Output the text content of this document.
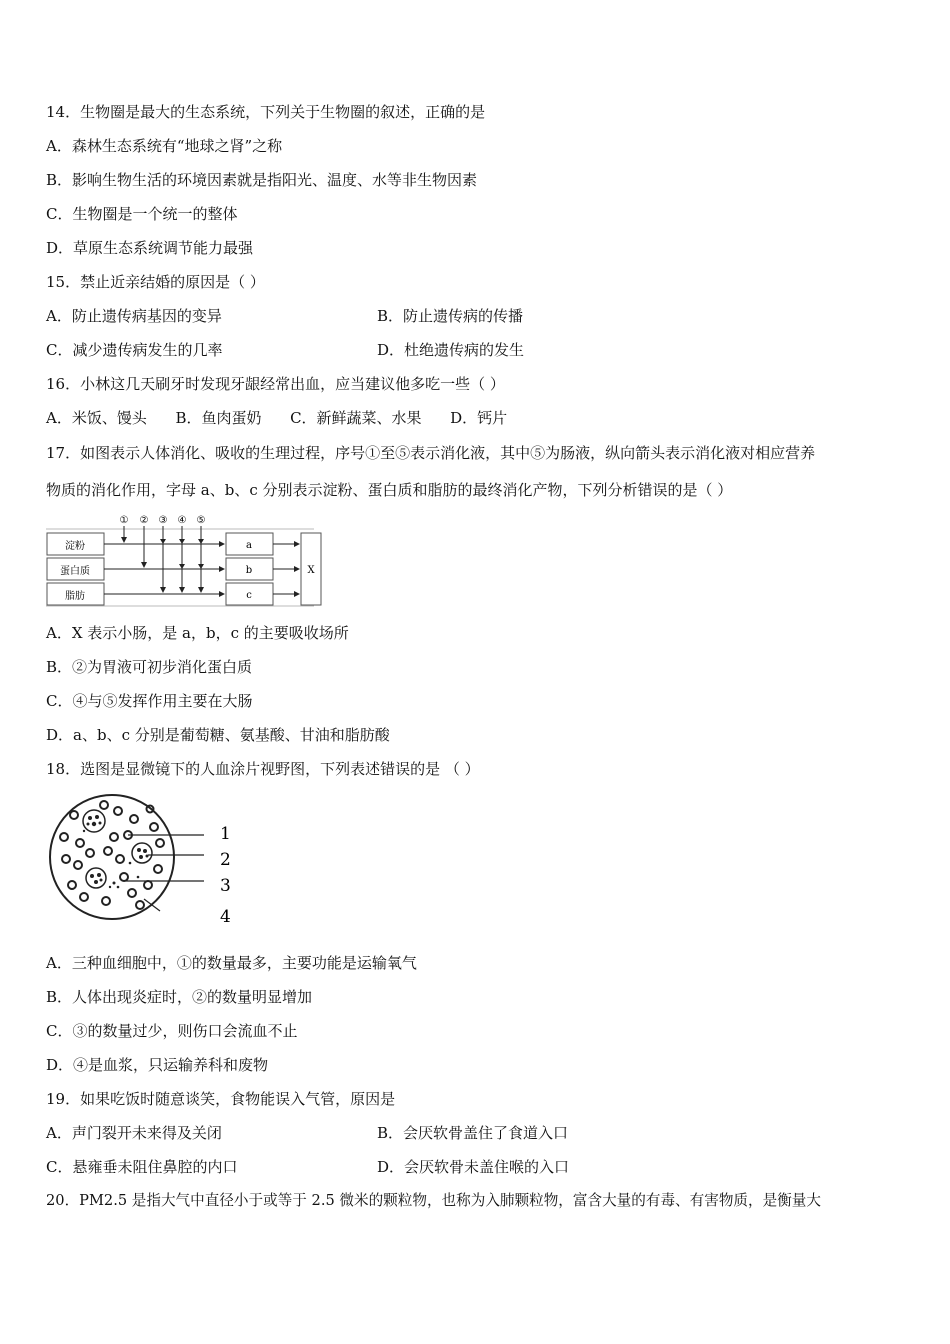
14．生物圈是最大的生态系统，下列关于生物圈的叙述，正确的是
A．森林生态系统有“地球之肾”之称
B．影响生物生活的环境因素就是指阳光、温度、水等非生物因素
C．生物圈是一个统一的整体
D．草原生态系统调节能力最强
15．禁止近亲结婚的原因是（ ）
A．防止遗传病基因的变异	B．防止遗传病的传播
C．减少遗传病发生的几率	D．杜绝遗传病的发生
16．小林这几天刷牙时发现牙龈经常出血，应当建议他多吃一些（ ）
A．米饭、馒头      B．鱼肉蛋奶      C．新鲜蔬菜、水果      D．钙片
17．如图表示人体消化、吸收的生理过程，序号①至⑤表示消化液，其中⑤为肠液，纵向箭头表示消化液对相应营养
物质的消化作用，字母 a、b、c 分别表示淀粉、蛋白质和脂肪的最终消化产物，下列分析错误的是（ ）
淀粉
蛋白质
脂肪
a
b
c
X
① ② ③ ④ ⑤
A．X 表示小肠，是 a，b，c 的主要吸收场所
B．②为胃液可初步消化蛋白质
C．④与⑤发挥作用主要在大肠
D．a、b、c 分别是葡萄糖、氨基酸、甘油和脂肪酸
18．选图是显微镜下的人血涂片视野图，下列表述错误的是 （ ）
1
2
3
4
A．三种血细胞中，①的数量最多，主要功能是运输氧气
B．人体出现炎症时，②的数量明显增加
C．③的数量过少，则伤口会流血不止
D．④是血浆，只运输养科和废物
19．如果吃饭时随意谈笑，食物能误入气管，原因是
A．声门裂开未来得及关闭	B．会厌软骨盖住了食道入口
C．悬雍垂未阻住鼻腔的内口	D．会厌软骨未盖住喉的入口
20．PM2.5 是指大气中直径小于或等于 2.5 微米的颗粒物，也称为入肺颗粒物，富含大量的有毒、有害物质，是衡量大
